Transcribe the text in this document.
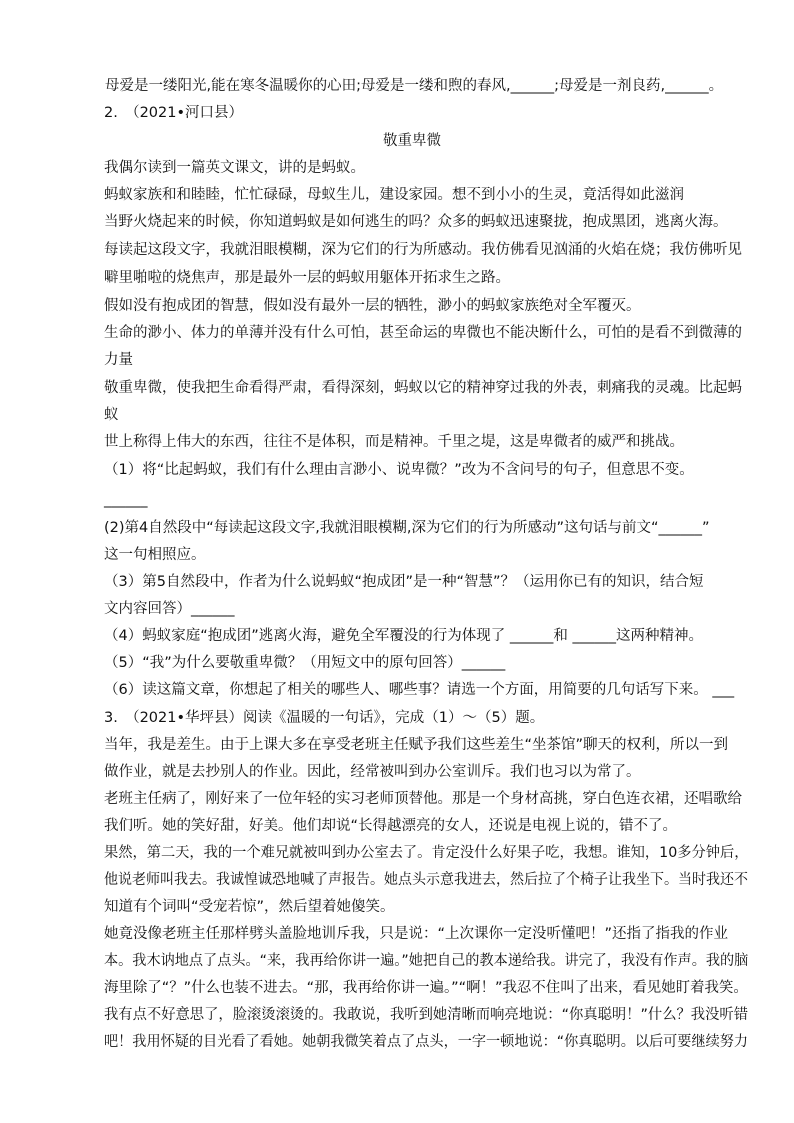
母爱是一缕阳光,能在寒冬温暖你的心田;母爱是一缕和煦的春风,______;母爱是一剂良药,______。
2.　（2021•河口县）
敬重卑微
我偶尔读到一篇英文课文，讲的是蚂蚁。
蚂蚁家族和和睦睦，忙忙碌碌，母蚁生儿，建设家园。想不到小小的生灵，竟活得如此滋润
当野火烧起来的时候，你知道蚂蚁是如何逃生的吗？众多的蚂蚁迅速聚拢，抱成黑团，逃离火海。
每读起这段文字，我就泪眼模糊，深为它们的行为所感动。我仿佛看见汹涌的火焰在烧；我仿佛听见
噼里啪啦的烧焦声，那是最外一层的蚂蚁用躯体开拓求生之路。
假如没有抱成团的智慧，假如没有最外一层的牺牲，渺小的蚂蚁家族绝对全军覆灭。
生命的渺小、体力的单薄并没有什么可怕，甚至命运的卑微也不能决断什么，可怕的是看不到微薄的
力量
敬重卑微，使我把生命看得严肃，看得深刻，蚂蚁以它的精神穿过我的外表，刺痛我的灵魂。比起蚂
蚁
世上称得上伟大的东西，往往不是体积，而是精神。千里之堤，这是卑微者的威严和挑战。
（1）将“比起蚂蚁，我们有什么理由言渺小、说卑微？”改为不含问号的句子，但意思不变。
______
(2)第4自然段中“每读起这段文字,我就泪眼模糊,深为它们的行为所感动”这句话与前文“______”
这一句相照应。
（3）第5自然段中，作者为什么说蚂蚁“抱成团”是一种“智慧”？（运用你已有的知识，结合短
文内容回答）______
（4）蚂蚁家庭“抱成团”逃离火海，避免全军覆没的行为体现了 ______和 ______这两种精神。
（5）“我”为什么要敬重卑微？（用短文中的原句回答）______
（6）读这篇文章，你想起了相关的哪些人、哪些事？请选一个方面，用简要的几句话写下来。 ___
3.　（2021•华坪县）阅读《温暖的一句话》，完成（1）～（5）题。
当年，我是差生。由于上课大多在享受老班主任赋予我们这些差生“坐茶馆”聊天的权利，所以一到
做作业，就是去抄别人的作业。因此，经常被叫到办公室训斥。我们也习以为常了。
老班主任病了，刚好来了一位年轻的实习老师顶替他。那是一个身材高挑，穿白色连衣裙，还唱歌给
我们听。她的笑好甜，好美。他们却说“长得越漂亮的女人，还说是电视上说的，错不了。
果然，第二天，我的一个难兄就被叫到办公室去了。肯定没什么好果子吃，我想。谁知，10多分钟后，
他说老师叫我去。我诚惶诚恐地喊了声报告。她点头示意我进去，然后拉了个椅子让我坐下。当时我还不
知道有个词叫“受宠若惊”，然后望着她傻笑。
她竟没像老班主任那样劈头盖脸地训斥我，只是说：“上次课你一定没听懂吧！”还指了指我的作业
本。我木讷地点了点头。“来，我再给你讲一遍。”她把自己的教本递给我。讲完了，我没有作声。我的脑
海里除了“？”什么也装不进去。“那，我再给你讲一遍。”“啊！”我忍不住叫了出来，看见她盯着我笑。
我有点不好意思了，脸滚烫滚烫的。我敢说，我听到她清晰而响亮地说：“你真聪明！”什么？我没听错
吧！我用怀疑的目光看了看她。她朝我微笑着点了点头，一字一顿地说：“你真聪明。以后可要继续努力
